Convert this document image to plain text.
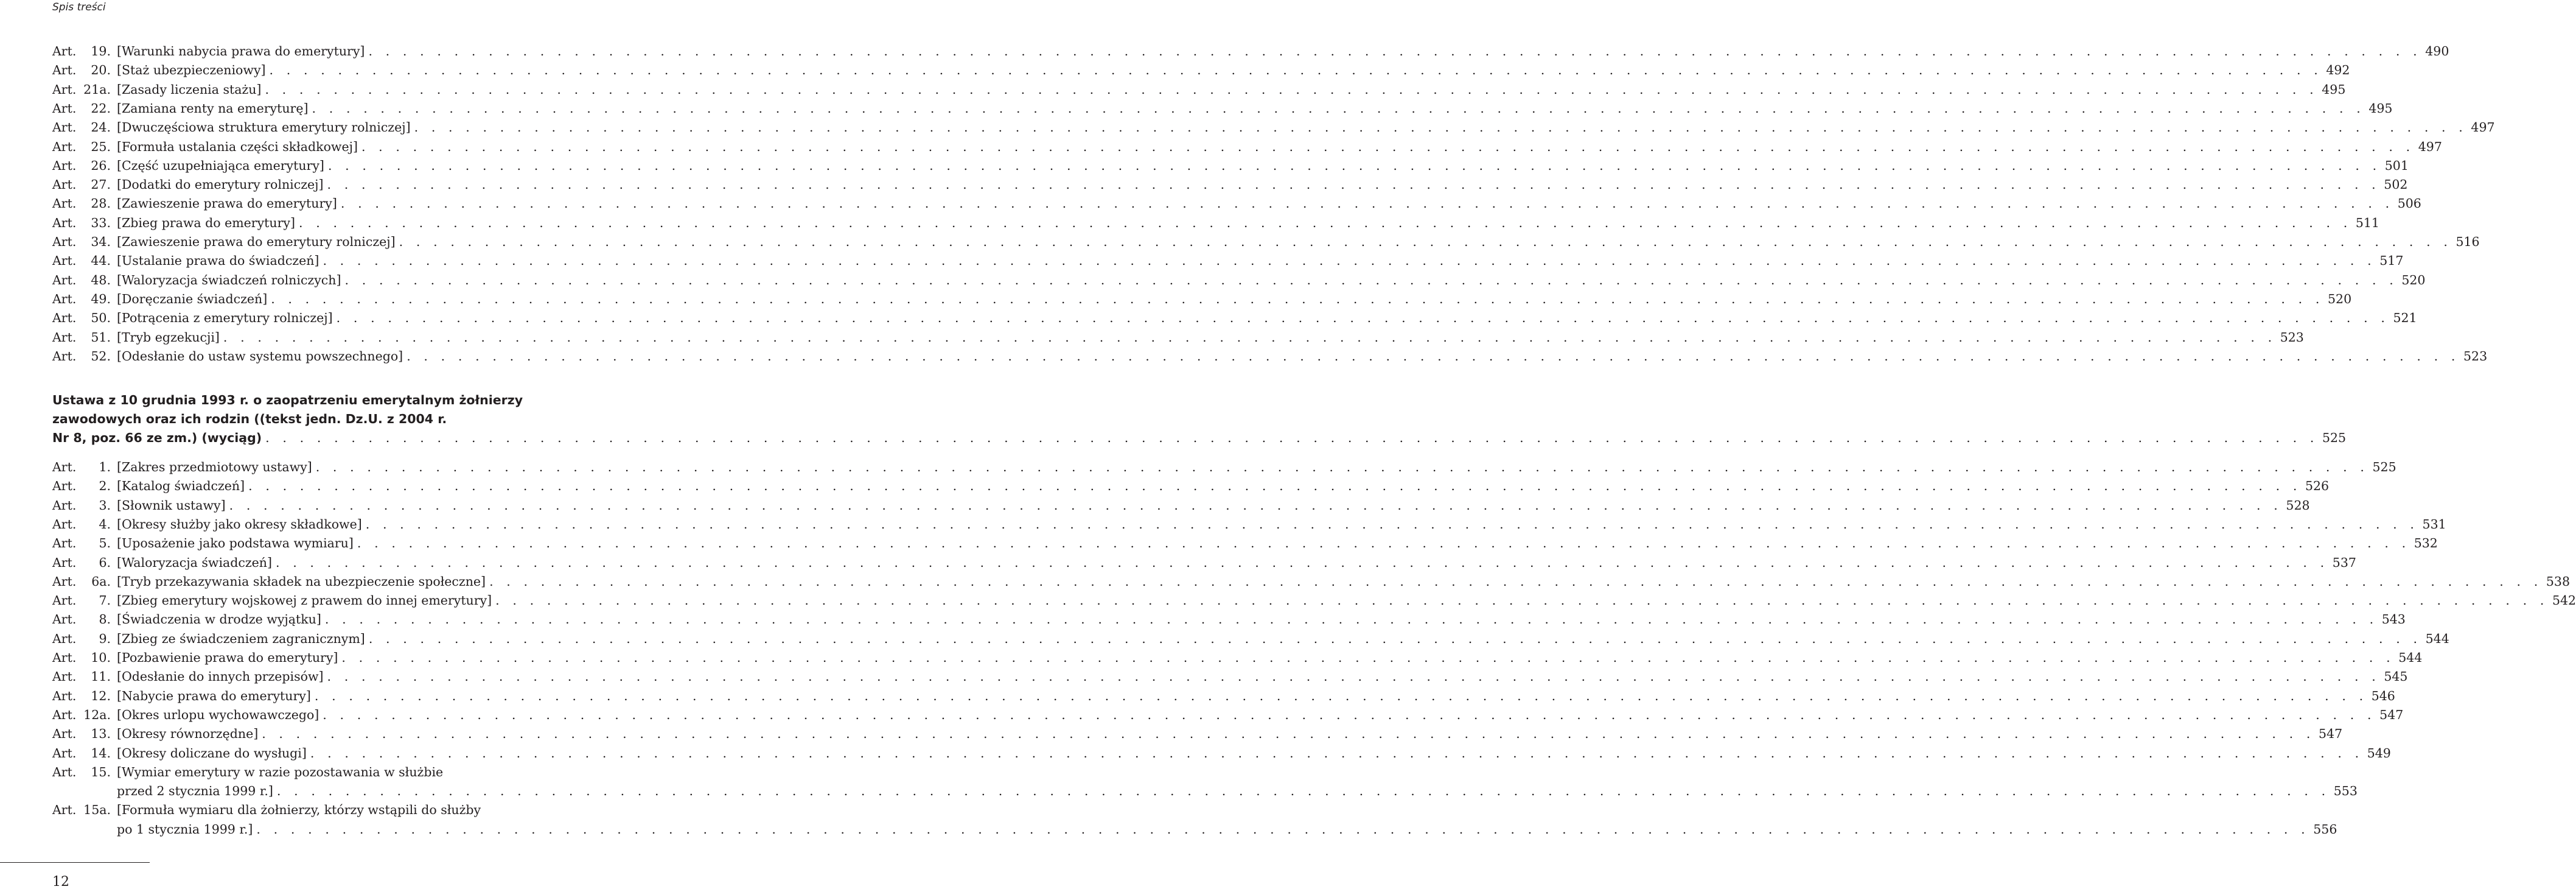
Spis treści
Art.	19. [Warunki nabycia prawa do emerytury] . . . . . . . . . . . . . . . . . . . . . . . . . . . . . . . . . . . . . . . . . . . . . . . . . . . . . . . . . . . . . . . . . . . . . . . . . . . . . . . . . . . . . . . . . . . . . . . . . . . . . . . . . . . . . . . . . . . . . . . . 490
Art.	20. [Staż ubezpieczeniowy] . . . . . . . . . . . . . . . . . . . . . . . . . . . . . . . . . . . . . . . . . . . . . . . . . . . . . . . . . . . . . . . . . . . . . . . . . . . . . . . . . . . . . . . . . . . . . . . . . . . . . . . . . . . . . . . . . . . . . . . . 492
Art. 21a. [Zasady liczenia stażu] . . . . . . . . . . . . . . . . . . . . . . . . . . . . . . . . . . . . . . . . . . . . . . . . . . . . . . . . . . . . . . . . . . . . . . . . . . . . . . . . . . . . . . . . . . . . . . . . . . . . . . . . . . . . . . . . . . . . . . . . 495
Art.	22. [Zamiana renty na emeryturę] . . . . . . . . . . . . . . . . . . . . . . . . . . . . . . . . . . . . . . . . . . . . . . . . . . . . . . . . . . . . . . . . . . . . . . . . . . . . . . . . . . . . . . . . . . . . . . . . . . . . . . . . . . . . . . . . . . . . . . . . 495
Art.	24. [Dwuczęściowa struktura emerytury rolniczej] . . . . . . . . . . . . . . . . . . . . . . . . . . . . . . . . . . . . . . . . . . . . . . . . . . . . . . . . . . . . . . . . . . . . . . . . . . . . . . . . . . . . . . . . . . . . . . . . . . . . . . . . . . . . . . . . . . . . . . . . 497
Art.	25. [Formuła ustalania części składkowej] . . . . . . . . . . . . . . . . . . . . . . . . . . . . . . . . . . . . . . . . . . . . . . . . . . . . . . . . . . . . . . . . . . . . . . . . . . . . . . . . . . . . . . . . . . . . . . . . . . . . . . . . . . . . . . . . . . . . . . . . 497
Art.	26. [Część uzupełniająca emerytury] . . . . . . . . . . . . . . . . . . . . . . . . . . . . . . . . . . . . . . . . . . . . . . . . . . . . . . . . . . . . . . . . . . . . . . . . . . . . . . . . . . . . . . . . . . . . . . . . . . . . . . . . . . . . . . . . . . . . . . . . 501
Art.	27. [Dodatki do emerytury rolniczej] . . . . . . . . . . . . . . . . . . . . . . . . . . . . . . . . . . . . . . . . . . . . . . . . . . . . . . . . . . . . . . . . . . . . . . . . . . . . . . . . . . . . . . . . . . . . . . . . . . . . . . . . . . . . . . . . . . . . . . . . 502
Art.	28. [Zawieszenie prawa do emerytury] . . . . . . . . . . . . . . . . . . . . . . . . . . . . . . . . . . . . . . . . . . . . . . . . . . . . . . . . . . . . . . . . . . . . . . . . . . . . . . . . . . . . . . . . . . . . . . . . . . . . . . . . . . . . . . . . . . . . . . . . 506
Art.	33. [Zbieg prawa do emerytury] . . . . . . . . . . . . . . . . . . . . . . . . . . . . . . . . . . . . . . . . . . . . . . . . . . . . . . . . . . . . . . . . . . . . . . . . . . . . . . . . . . . . . . . . . . . . . . . . . . . . . . . . . . . . . . . . . . . . . . . . 511
Art.	34. [Zawieszenie prawa do emerytury rolniczej] . . . . . . . . . . . . . . . . . . . . . . . . . . . . . . . . . . . . . . . . . . . . . . . . . . . . . . . . . . . . . . . . . . . . . . . . . . . . . . . . . . . . . . . . . . . . . . . . . . . . . . . . . . . . . . . . . . . . . . . . 516
Art.	44. [Ustalanie prawa do świadczeń] . . . . . . . . . . . . . . . . . . . . . . . . . . . . . . . . . . . . . . . . . . . . . . . . . . . . . . . . . . . . . . . . . . . . . . . . . . . . . . . . . . . . . . . . . . . . . . . . . . . . . . . . . . . . . . . . . . . . . . . . 517
Art.	48. [Waloryzacja świadczeń rolniczych] . . . . . . . . . . . . . . . . . . . . . . . . . . . . . . . . . . . . . . . . . . . . . . . . . . . . . . . . . . . . . . . . . . . . . . . . . . . . . . . . . . . . . . . . . . . . . . . . . . . . . . . . . . . . . . . . . . . . . . . . 520
Art.	49. [Doręczanie świadczeń] . . . . . . . . . . . . . . . . . . . . . . . . . . . . . . . . . . . . . . . . . . . . . . . . . . . . . . . . . . . . . . . . . . . . . . . . . . . . . . . . . . . . . . . . . . . . . . . . . . . . . . . . . . . . . . . . . . . . . . . . 520
Art.	50. [Potrącenia z emerytury rolniczej] . . . . . . . . . . . . . . . . . . . . . . . . . . . . . . . . . . . . . . . . . . . . . . . . . . . . . . . . . . . . . . . . . . . . . . . . . . . . . . . . . . . . . . . . . . . . . . . . . . . . . . . . . . . . . . . . . . . . . . . . 521
Art.	51. [Tryb egzekucji] . . . . . . . . . . . . . . . . . . . . . . . . . . . . . . . . . . . . . . . . . . . . . . . . . . . . . . . . . . . . . . . . . . . . . . . . . . . . . . . . . . . . . . . . . . . . . . . . . . . . . . . . . . . . . . . . . . . . . . . . 523
Art.	52. [Odesłanie do ustaw systemu powszechnego] . . . . . . . . . . . . . . . . . . . . . . . . . . . . . . . . . . . . . . . . . . . . . . . . . . . . . . . . . . . . . . . . . . . . . . . . . . . . . . . . . . . . . . . . . . . . . . . . . . . . . . . . . . . . . . . . . . . . . . . . 523
Ustawa z 10 grudnia 1993 r. o zaopatrzeniu emerytalnym żołnierzy
zawodowych oraz ich rodzin ((tekst jedn. Dz.U. z 2004 r.
Nr 8, poz. 66 ze zm.) (wyciąg) . . . . . . . . . . . . . . . . . . . . . . . . . . . . . . . . . . . . . . . . . . . . . . . . . . . . . . . . . . . . . . . . . . . . . . . . . . . . . . . . . . . . . . . . . . . . . . . . . . . . . . . . . . . . . . . . . . . . . . . . 525
Art.	1. [Zakres przedmiotowy ustawy] . . . . . . . . . . . . . . . . . . . . . . . . . . . . . . . . . . . . . . . . . . . . . . . . . . . . . . . . . . . . . . . . . . . . . . . . . . . . . . . . . . . . . . . . . . . . . . . . . . . . . . . . . . . . . . . . . . . . . . . . 525
Art.	2. [Katalog świadczeń] . . . . . . . . . . . . . . . . . . . . . . . . . . . . . . . . . . . . . . . . . . . . . . . . . . . . . . . . . . . . . . . . . . . . . . . . . . . . . . . . . . . . . . . . . . . . . . . . . . . . . . . . . . . . . . . . . . . . . . . . 526
Art.	3. [Słownik ustawy] . . . . . . . . . . . . . . . . . . . . . . . . . . . . . . . . . . . . . . . . . . . . . . . . . . . . . . . . . . . . . . . . . . . . . . . . . . . . . . . . . . . . . . . . . . . . . . . . . . . . . . . . . . . . . . . . . . . . . . . . 528
Art.	4. [Okresy służby jako okresy składkowe] . . . . . . . . . . . . . . . . . . . . . . . . . . . . . . . . . . . . . . . . . . . . . . . . . . . . . . . . . . . . . . . . . . . . . . . . . . . . . . . . . . . . . . . . . . . . . . . . . . . . . . . . . . . . . . . . . . . . . . . . 531
Art.	5. [Uposażenie jako podstawa wymiaru] . . . . . . . . . . . . . . . . . . . . . . . . . . . . . . . . . . . . . . . . . . . . . . . . . . . . . . . . . . . . . . . . . . . . . . . . . . . . . . . . . . . . . . . . . . . . . . . . . . . . . . . . . . . . . . . . . . . . . . . . 532
Art.	6. [Waloryzacja świadczeń] . . . . . . . . . . . . . . . . . . . . . . . . . . . . . . . . . . . . . . . . . . . . . . . . . . . . . . . . . . . . . . . . . . . . . . . . . . . . . . . . . . . . . . . . . . . . . . . . . . . . . . . . . . . . . . . . . . . . . . . . 537
Art.	6a. [Tryb przekazywania składek na ubezpieczenie społeczne] . . . . . . . . . . . . . . . . . . . . . . . . . . . . . . . . . . . . . . . . . . . . . . . . . . . . . . . . . . . . . . . . . . . . . . . . . . . . . . . . . . . . . . . . . . . . . . . . . . . . . . . . . . . . . . . . . . . . . . . . 538
Art.	7. [Zbieg emerytury wojskowej z prawem do innej emerytury] . . . . . . . . . . . . . . . . . . . . . . . . . . . . . . . . . . . . . . . . . . . . . . . . . . . . . . . . . . . . . . . . . . . . . . . . . . . . . . . . . . . . . . . . . . . . . . . . . . . . . . . . . . . . . . . . . . . . . . . . 542
Art.	8. [Świadczenia w drodze wyjątku] . . . . . . . . . . . . . . . . . . . . . . . . . . . . . . . . . . . . . . . . . . . . . . . . . . . . . . . . . . . . . . . . . . . . . . . . . . . . . . . . . . . . . . . . . . . . . . . . . . . . . . . . . . . . . . . . . . . . . . . . 543
Art.	9. [Zbieg ze świadczeniem zagranicznym] . . . . . . . . . . . . . . . . . . . . . . . . . . . . . . . . . . . . . . . . . . . . . . . . . . . . . . . . . . . . . . . . . . . . . . . . . . . . . . . . . . . . . . . . . . . . . . . . . . . . . . . . . . . . . . . . . . . . . . . . 544
Art.	10. [Pozbawienie prawa do emerytury] . . . . . . . . . . . . . . . . . . . . . . . . . . . . . . . . . . . . . . . . . . . . . . . . . . . . . . . . . . . . . . . . . . . . . . . . . . . . . . . . . . . . . . . . . . . . . . . . . . . . . . . . . . . . . . . . . . . . . . . . 544
Art.	11. [Odesłanie do innych przepisów] . . . . . . . . . . . . . . . . . . . . . . . . . . . . . . . . . . . . . . . . . . . . . . . . . . . . . . . . . . . . . . . . . . . . . . . . . . . . . . . . . . . . . . . . . . . . . . . . . . . . . . . . . . . . . . . . . . . . . . . . 545
Art.	12. [Nabycie prawa do emerytury] . . . . . . . . . . . . . . . . . . . . . . . . . . . . . . . . . . . . . . . . . . . . . . . . . . . . . . . . . . . . . . . . . . . . . . . . . . . . . . . . . . . . . . . . . . . . . . . . . . . . . . . . . . . . . . . . . . . . . . . . 546
Art. 12a. [Okres urlopu wychowawczego] . . . . . . . . . . . . . . . . . . . . . . . . . . . . . . . . . . . . . . . . . . . . . . . . . . . . . . . . . . . . . . . . . . . . . . . . . . . . . . . . . . . . . . . . . . . . . . . . . . . . . . . . . . . . . . . . . . . . . . . . 547
Art.	13. [Okresy równorzędne] . . . . . . . . . . . . . . . . . . . . . . . . . . . . . . . . . . . . . . . . . . . . . . . . . . . . . . . . . . . . . . . . . . . . . . . . . . . . . . . . . . . . . . . . . . . . . . . . . . . . . . . . . . . . . . . . . . . . . . . . 547
Art.	14. [Okresy doliczane do wysługi] . . . . . . . . . . . . . . . . . . . . . . . . . . . . . . . . . . . . . . . . . . . . . . . . . . . . . . . . . . . . . . . . . . . . . . . . . . . . . . . . . . . . . . . . . . . . . . . . . . . . . . . . . . . . . . . . . . . . . . . . 549
Art.	15. [Wymiar emerytury w razie pozostawania w służbie
przed 2 stycznia 1999 r.] . . . . . . . . . . . . . . . . . . . . . . . . . . . . . . . . . . . . . . . . . . . . . . . . . . . . . . . . . . . . . . . . . . . . . . . . . . . . . . . . . . . . . . . . . . . . . . . . . . . . . . . . . . . . . . . . . . . . . . . . 553
Art. 15a. [Formuła wymiaru dla żołnierzy, którzy wstąpili do służby
po 1 stycznia 1999 r.] . . . . . . . . . . . . . . . . . . . . . . . . . . . . . . . . . . . . . . . . . . . . . . . . . . . . . . . . . . . . . . . . . . . . . . . . . . . . . . . . . . . . . . . . . . . . . . . . . . . . . . . . . . . . . . . . . . . . . . . . 556
12
